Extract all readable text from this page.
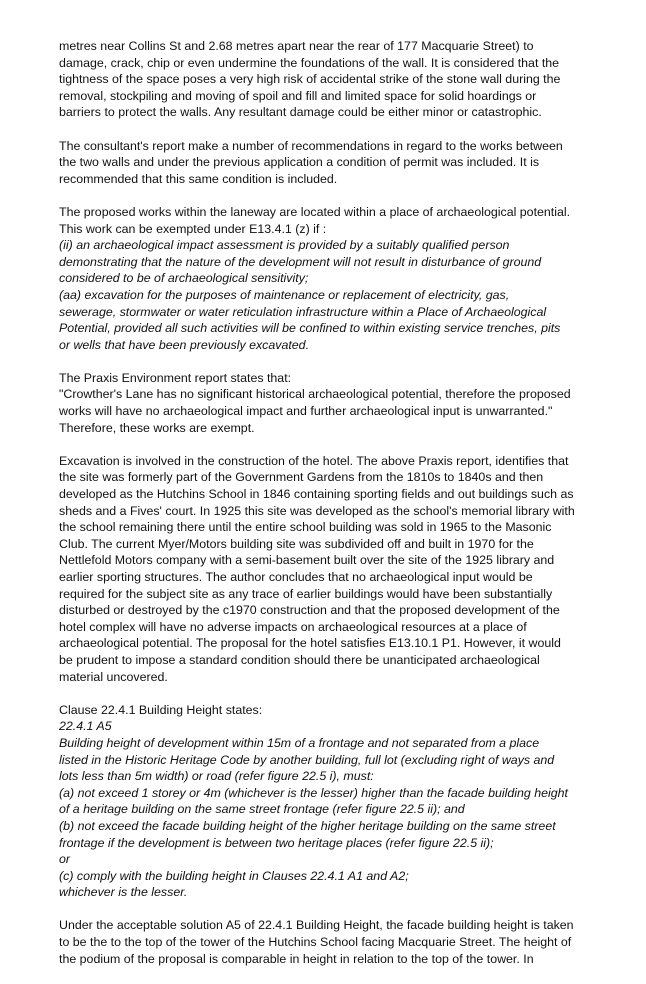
metres near Collins St and 2.68 metres apart near the rear of 177 Macquarie Street) to
damage, crack, chip or even undermine the foundations of the wall. It is considered that the
tightness of the space poses a very high risk of accidental strike of the stone wall during the
removal, stockpiling and moving of spoil and fill and limited space for solid hoardings or
barriers to protect the walls. Any resultant damage could be either minor or catastrophic.
The consultant's report make a number of recommendations in regard to the works between
the two walls and under the previous application a condition of permit was included. It is
recommended that this same condition is included.
The proposed works within the laneway are located within a place of archaeological potential.
This work can be exempted under E13.4.1 (z) if :
(ii) an archaeological impact assessment is provided by a suitably qualified person
demonstrating that the nature of the development will not result in disturbance of ground
considered to be of archaeological sensitivity;
(aa) excavation for the purposes of maintenance or replacement of electricity, gas,
sewerage, stormwater or water reticulation infrastructure within a Place of Archaeological
Potential, provided all such activities will be confined to within existing service trenches, pits
or wells that have been previously excavated.
The Praxis Environment report states that:
"Crowther's Lane has no significant historical archaeological potential, therefore the proposed
works will have no archaeological impact and further archaeological input is unwarranted."
Therefore, these works are exempt.
Excavation is involved in the construction of the hotel. The above Praxis report, identifies that
the site was formerly part of the Government Gardens from the 1810s to 1840s and then
developed as the Hutchins School in 1846 containing sporting fields and out buildings such as
sheds and a Fives' court. In 1925 this site was developed as the school's memorial library with
the school remaining there until the entire school building was sold in 1965 to the Masonic
Club. The current Myer/Motors building site was subdivided off and built in 1970 for the
Nettlefold Motors company with a semi-basement built over the site of the 1925 library and
earlier sporting structures. The author concludes that no archaeological input would be
required for the subject site as any trace of earlier buildings would have been substantially
disturbed or destroyed by the c1970 construction and that the proposed development of the
hotel complex will have no adverse impacts on archaeological resources at a place of
archaeological potential. The proposal for the hotel satisfies E13.10.1 P1. However, it would
be prudent to impose a standard condition should there be unanticipated archaeological
material uncovered.
Clause 22.4.1 Building Height states:
22.4.1 A5
Building height of development within 15m of a frontage and not separated from a place
listed in the Historic Heritage Code by another building, full lot (excluding right of ways and
lots less than 5m width) or road (refer figure 22.5 i), must:
(a) not exceed 1 storey or 4m (whichever is the lesser) higher than the facade building height
of a heritage building on the same street frontage (refer figure 22.5 ii); and
(b) not exceed the facade building height of the higher heritage building on the same street
frontage if the development is between two heritage places (refer figure 22.5 ii);
or
(c) comply with the building height in Clauses 22.4.1 A1 and A2;
whichever is the lesser.
Under the acceptable solution A5 of 22.4.1 Building Height, the facade building height is taken
to be the to the top of the tower of the Hutchins School facing Macquarie Street. The height of
the podium of the proposal is comparable in height in relation to the top of the tower. In
